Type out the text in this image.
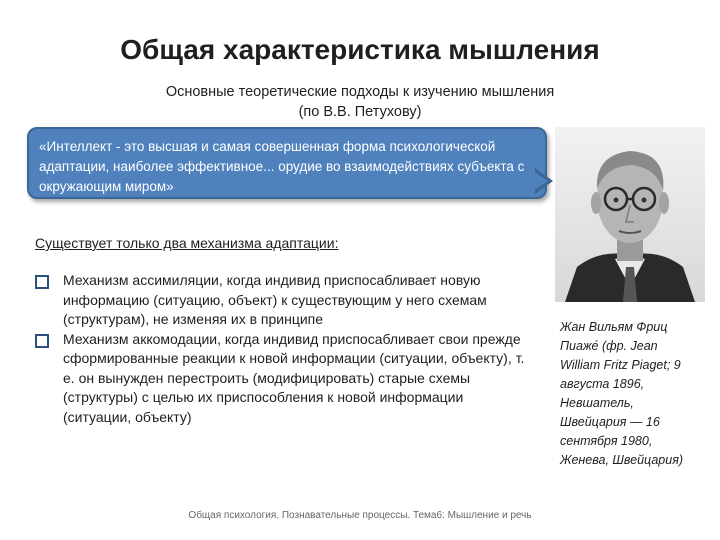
Общая характеристика мышления
Основные теоретические подходы к изучению мышления
(по В.В. Петухову)
«Интеллект - это высшая и самая совершенная форма психологической адаптации, наиболее эффективное... орудие во взаимодействиях субъекта с окружающим миром»
Существует только два механизма адаптации:
Механизм ассимиляции, когда индивид приспосабливает новую информацию (ситуацию, объект) к существующим у него схемам (структурам), не изменяя их в принципе
Механизм аккомодации, когда индивид приспосабливает свои прежде сформированные реакции к новой информации (ситуации, объекту), т. е. он вынужден перестроить (модифицировать) старые схемы (структуры) с целью их приспособления к новой информации (ситуации, объекту)
Жан Вильям Фриц Пиаже́ (фр. Jean William Fritz Piaget; 9 августа 1896, Невшатель, Швейцария — 16 сентября 1980, Женева, Швейцария)
Общая психология. Познавательные процессы. Тема6: Мышление и речь
